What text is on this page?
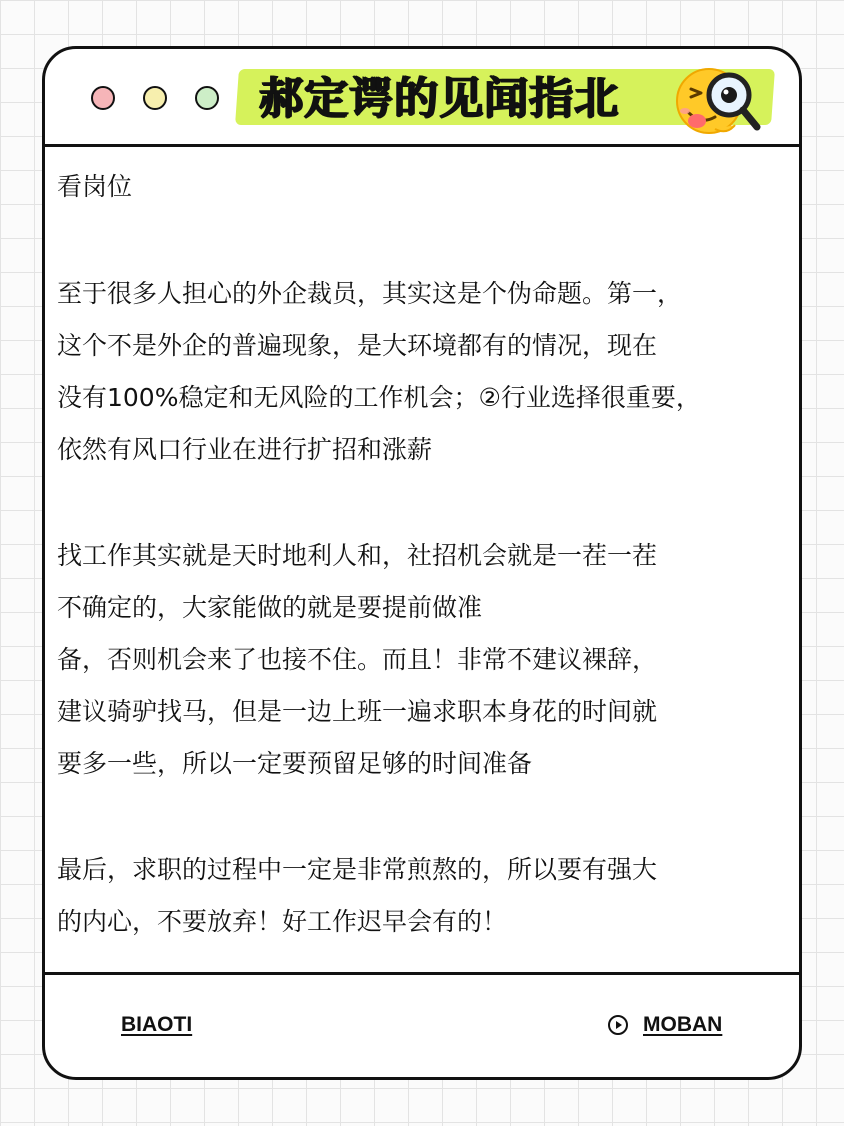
郝定谔的见闻指北
看岗位
至于很多人担心的外企裁员，其实这是个伪命题。第一，
这个不是外企的普遍现象，是大环境都有的情况，现在
没有100%稳定和无风险的工作机会；②行业选择很重要，
依然有风口行业在进行扩招和涨薪
找工作其实就是天时地利人和，社招机会就是一茬一茬
不确定的，大家能做的就是要提前做准
备，否则机会来了也接不住。而且！非常不建议裸辞，
建议骑驴找马，但是一边上班一遍求职本身花的时间就
要多一些，所以一定要预留足够的时间准备
最后，求职的过程中一定是非常煎熬的，所以要有强大
的内心，不要放弃！好工作迟早会有的！
BIAOTI	MOBAN
